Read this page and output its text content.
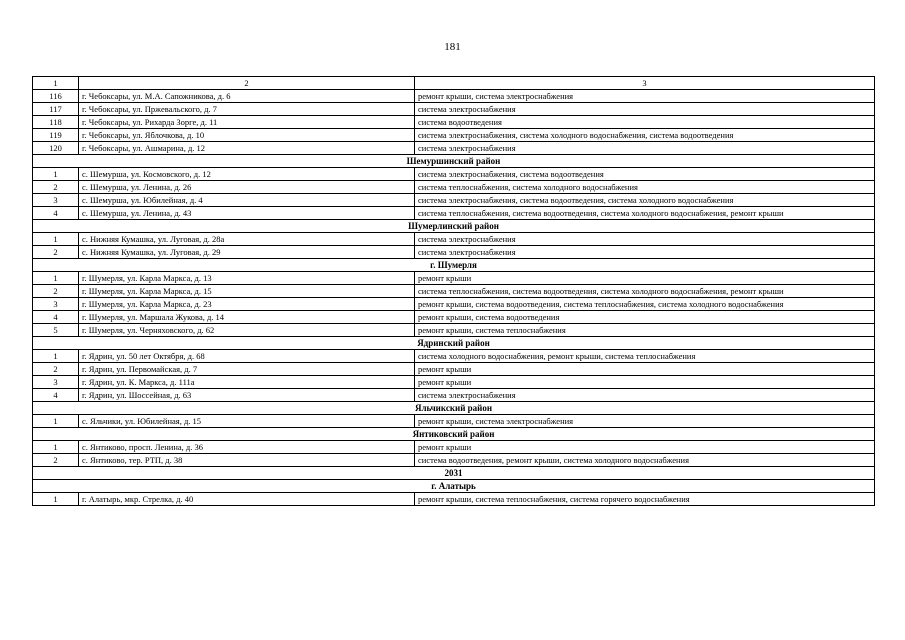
181
1	2	3
116	г. Чебоксары, ул. М.А. Сапожникова, д. 6	ремонт крыши, система электроснабжения
117	г. Чебоксары, ул. Пржевальского, д. 7	система электроснабжения
118	г. Чебоксары, ул. Рихарда Зорге, д. 11	система водоотведения
119	г. Чебоксары, ул. Яблочкова, д. 10	система электроснабжения, система холодного водоснабжения, система водоотведения
120	г. Чебоксары, ул. Ашмарина, д. 12	система электроснабжения
Шемуршинский район		
1	с. Шемурша, ул. Космовского, д. 12	система электроснабжения, система водоотведения
2	с. Шемурша, ул. Ленина, д. 26	система теплоснабжения, система холодного водоснабжения
3	с. Шемурша, ул. Юбилейная, д. 4	система электроснабжения, система водоотведения, система холодного водоснабжения
4	с. Шемурша, ул. Ленина, д. 43	система теплоснабжения, система водоотведения, система холодного водоснабжения, ремонт крыши
Шумерлинский район		
1	с. Нижняя Кумашка, ул. Луговая, д. 28а	система электроснабжения
2	с. Нижняя Кумашка, ул. Луговая, д. 29	система электроснабжения
г. Шумерля		
1	г. Шумерля, ул. Карла Маркса, д. 13	ремонт крыши
2	г. Шумерля, ул. Карла Маркса, д. 15	система теплоснабжения, система водоотведения, система холодного водоснабжения, ремонт крыши
3	г. Шумерля, ул. Карла Маркса, д. 23	ремонт крыши, система водоотведения, система теплоснабжения, система холодного водоснабжения
4	г. Шумерля, ул. Маршала Жукова, д. 14	ремонт крыши, система водоотведения
5	г. Шумерля, ул. Черняховского, д. 62	ремонт крыши, система теплоснабжения
Ядринский район		
1	г. Ядрин, ул. 50 лет Октября, д. 68	система холодного водоснабжения, ремонт крыши, система теплоснабжения
2	г. Ядрин, ул. Первомайская, д. 7	ремонт крыши
3	г. Ядрин, ул. К. Маркса, д. 111а	ремонт крыши
4	г. Ядрин, ул. Шоссейная, д. 63	система электроснабжения
Яльчикский район		
1	с. Яльчики, ул. Юбилейная, д. 15	ремонт крыши, система электроснабжения
Янтиковский район		
1	с. Янтиково, просп. Ленина, д. 36	ремонт крыши
2	с. Янтиково, тер. РТП, д. 38	система водоотведения, ремонт крыши, система холодного водоснабжения
2031		
г. Алатырь		
1	г. Алатырь, мкр. Стрелка, д. 40	ремонт крыши, система теплоснабжения, система горячего водоснабжения
